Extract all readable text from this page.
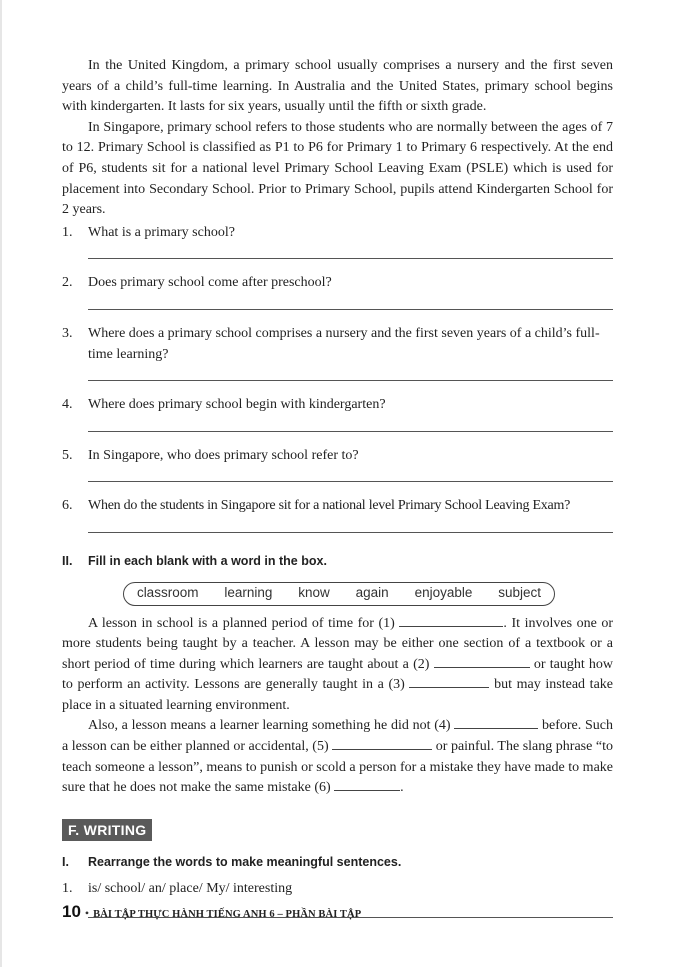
In the United Kingdom, a primary school usually comprises a nursery and the first seven years of a child’s full-time learning. In Australia and the United States, primary school begins with kindergarten. It lasts for six years, usually until the fifth or sixth grade.

In Singapore, primary school refers to those students who are normally between the ages of 7 to 12. Primary School is classified as P1 to P6 for Primary 1 to Primary 6 respectively. At the end of P6, students sit for a national level Primary School Leaving Exam (PSLE) which is used for placement into Secondary School. Prior to Primary School, pupils attend Kindergarten School for 2 years.

1.	What is a primary school?
2.	Does primary school come after preschool?
3.	Where does a primary school comprises a nursery and the first seven years of a child’s full-time learning?
4.	Where does primary school begin with kindergarten?
5.	In Singapore, who does primary school refer to?
6.	When do the students in Singapore sit for a national level Primary School Leaving Exam?
II.	Fill in each blank with a word in the box.
classroom learning know again enjoyable subject

A lesson in school is a planned period of time for (1)	. It involves one or more students being taught by a teacher. A lesson may be either one section of a textbook or a short period of time during which learners are taught about a (2)	or taught how to perform an activity. Lessons are generally taught in a (3)	but may instead take place in a situated learning environment.

Also, a lesson means a learner learning something he did not (4)	before. Such a lesson can be either planned or accidental, (5)	or painful. The slang phrase “to teach someone a lesson”, means to punish or scold a person for a mistake they have made to make sure that he does not make the same mistake (6)	.

F. WRITING
I.	Rearrange the words to make meaningful sentences.
1.	is/ school/ an/ place/ My/ interesting
10 • BÀI TẬP THỰC HÀNH TIẾNG ANH 6 – PHẦN BÀI TẬP
